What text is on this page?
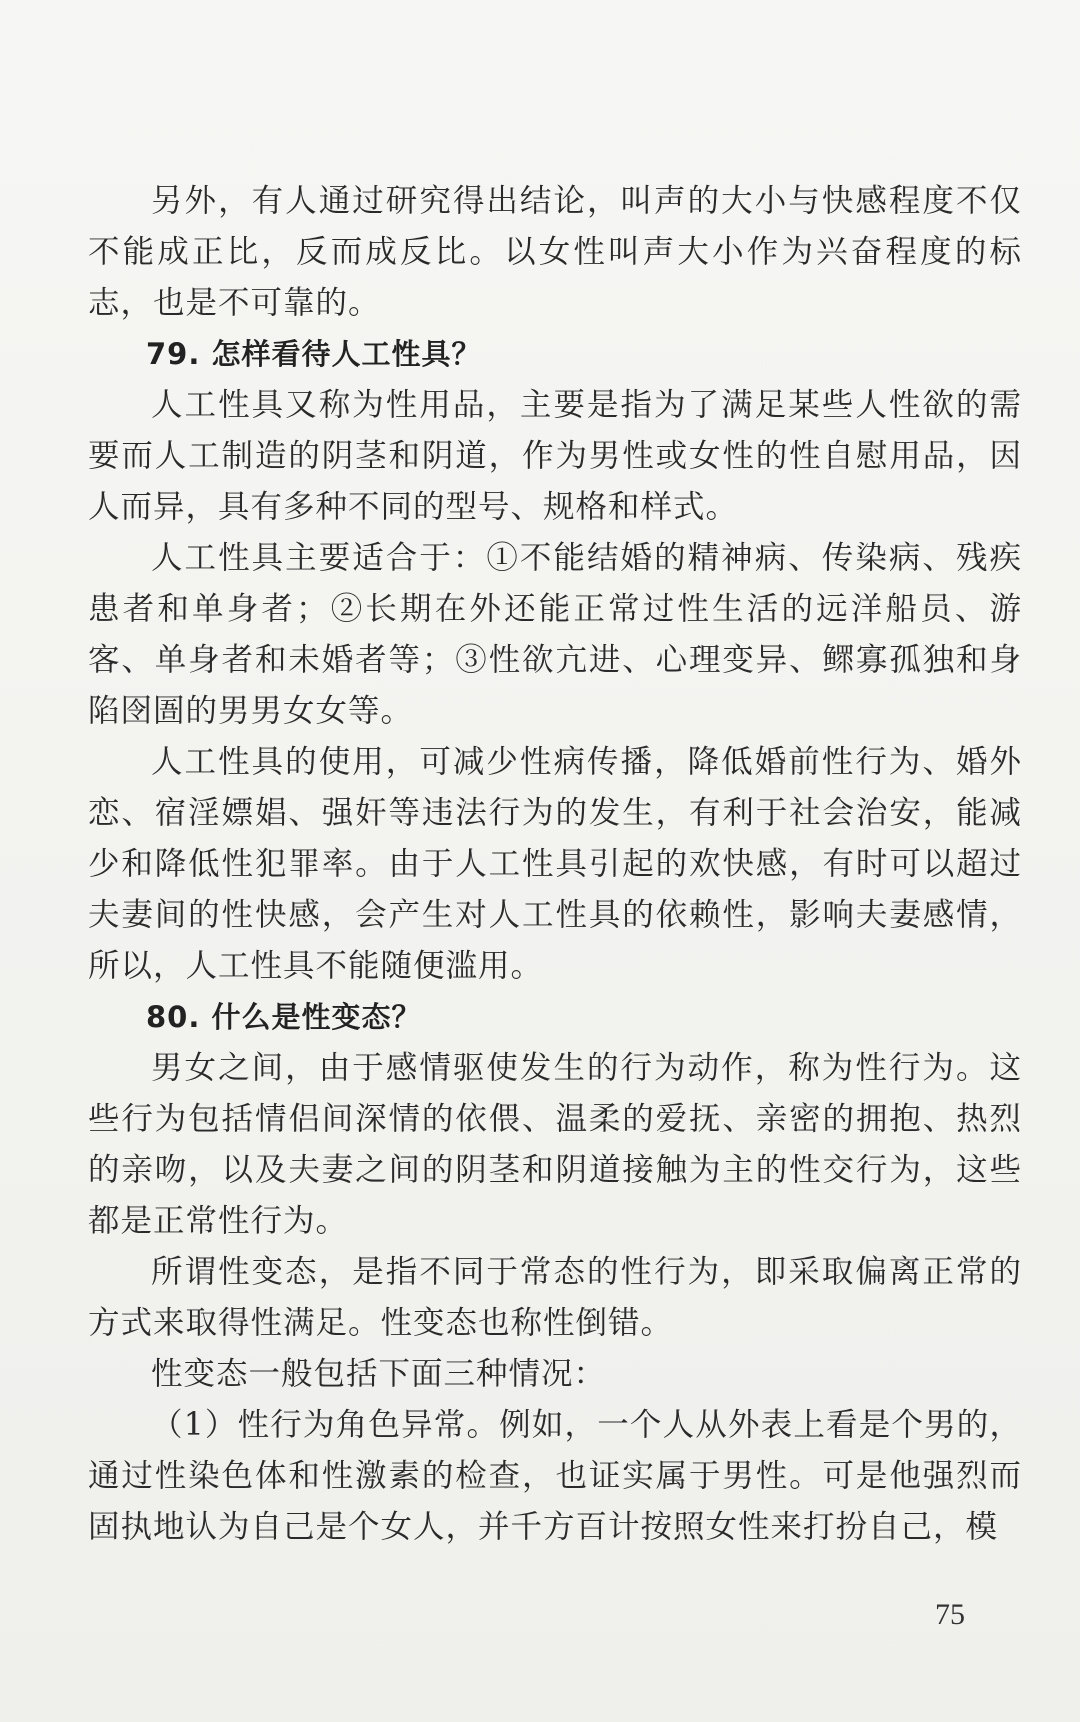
另外，有人通过研究得出结论，叫声的大小与快感程度不仅不能成正比，反而成反比。以女性叫声大小作为兴奋程度的标志，也是不可靠的。

79. 怎样看待人工性具？

人工性具又称为性用品，主要是指为了满足某些人性欲的需要而人工制造的阴茎和阴道，作为男性或女性的性自慰用品，因人而异，具有多种不同的型号、规格和样式。

人工性具主要适合于：①不能结婚的精神病、传染病、残疾患者和单身者；②长期在外还能正常过性生活的远洋船员、游客、单身者和未婚者等；③性欲亢进、心理变异、鳏寡孤独和身陷囹圄的男男女女等。

人工性具的使用，可减少性病传播，降低婚前性行为、婚外恋、宿淫嫖娼、强奸等违法行为的发生，有利于社会治安，能减少和降低性犯罪率。由于人工性具引起的欢快感，有时可以超过夫妻间的性快感，会产生对人工性具的依赖性，影响夫妻感情，所以，人工性具不能随便滥用。

80. 什么是性变态？

男女之间，由于感情驱使发生的行为动作，称为性行为。这些行为包括情侣间深情的依偎、温柔的爱抚、亲密的拥抱、热烈的亲吻，以及夫妻之间的阴茎和阴道接触为主的性交行为，这些都是正常性行为。

所谓性变态，是指不同于常态的性行为，即采取偏离正常的方式来取得性满足。性变态也称性倒错。

性变态一般包括下面三种情况：

（1）性行为角色异常。例如，一个人从外表上看是个男的，通过性染色体和性激素的检查，也证实属于男性。可是他强烈而固执地认为自己是个女人，并千方百计按照女性来打扮自己，模

75
